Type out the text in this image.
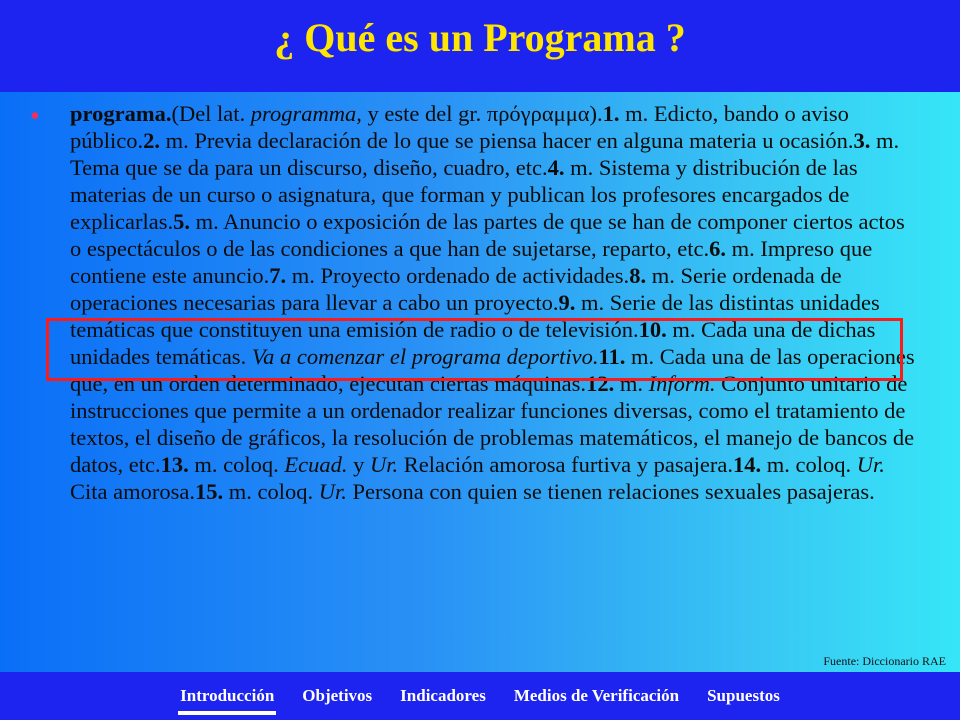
¿ Qué es un Programa ?
• programa.(Del lat. programma, y este del gr. πρόγραμμα).1. m. Edicto, bando o aviso público.2. m. Previa declaración de lo que se piensa hacer en alguna materia u ocasión.3. m. Tema que se da para un discurso, diseño, cuadro, etc.4. m. Sistema y distribución de las materias de un curso o asignatura, que forman y publican los profesores encargados de explicarlas.5. m. Anuncio o exposición de las partes de que se han de componer ciertos actos o espectáculos o de las condiciones a que han de sujetarse, reparto, etc.6. m. Impreso que contiene este anuncio.7. m. Proyecto ordenado de actividades.8. m. Serie ordenada de operaciones necesarias para llevar a cabo un proyecto.9. m. Serie de las distintas unidades temáticas que constituyen una emisión de radio o de televisión.10. m. Cada una de dichas unidades temáticas. Va a comenzar el programa deportivo.11. m. Cada una de las operaciones que, en un orden determinado, ejecutan ciertas máquinas.12. m. Inform. Conjunto unitario de instrucciones que permite a un ordenador realizar funciones diversas, como el tratamiento de textos, el diseño de gráficos, la resolución de problemas matemáticos, el manejo de bancos de datos, etc.13. m. coloq. Ecuad. y Ur. Relación amorosa furtiva y pasajera.14. m. coloq. Ur. Cita amorosa.15. m. coloq. Ur. Persona con quien se tienen relaciones sexuales pasajeras.

Fuente: Diccionario RAE
Introducción Objetivos Indicadores Medios de Verificación Supuestos
